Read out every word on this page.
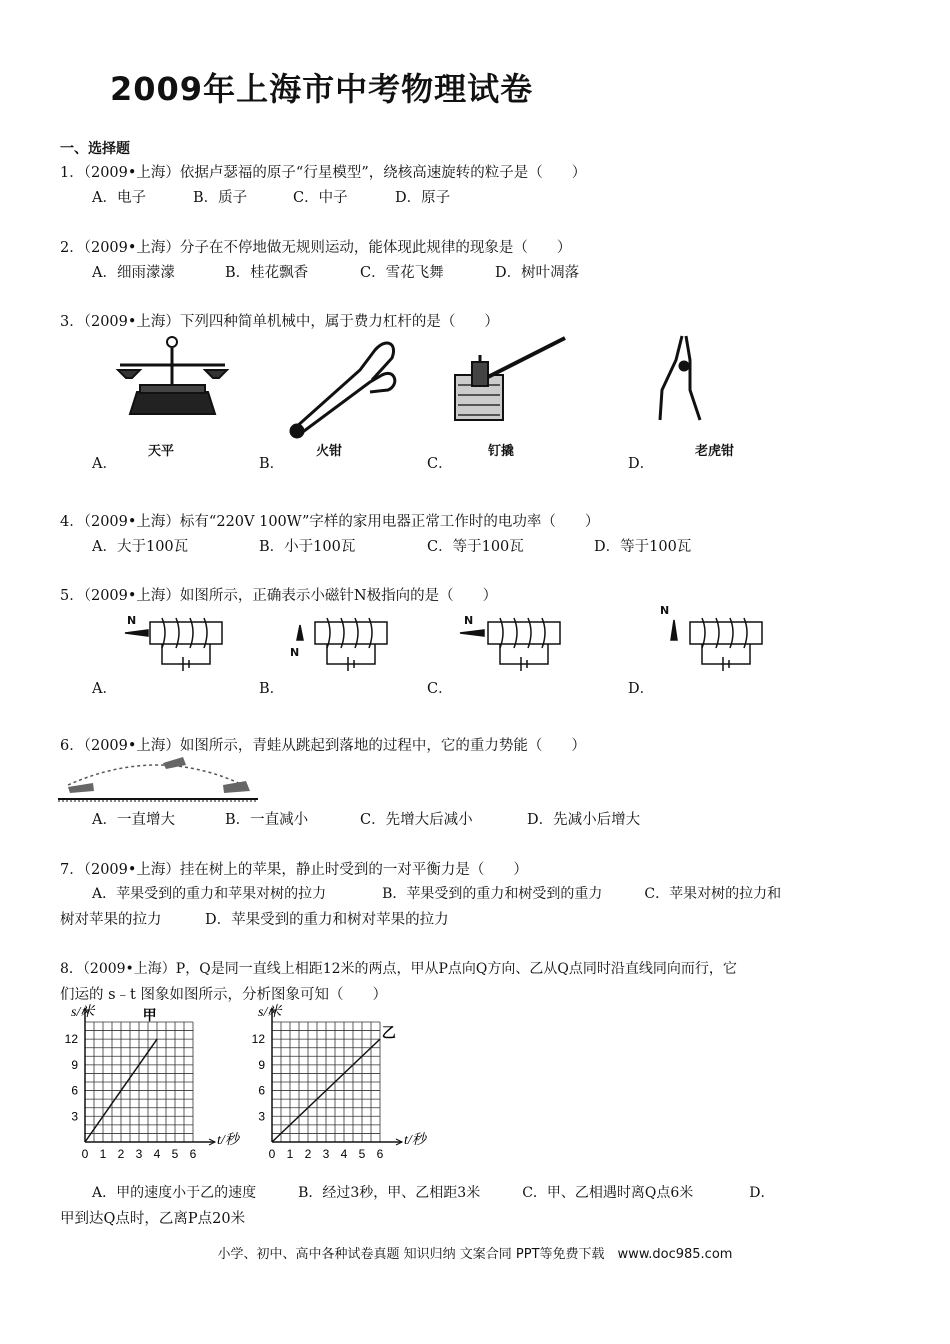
2009年上海市中考物理试卷
一、选择题
1．（2009•上海）依据卢瑟福的原子“行星模型”，绕核高速旋转的粒子是（　　）
A．电子	B．质子	C．中子	D．原子
2．（2009•上海）分子在不停地做无规则运动，能体现此规律的现象是（　　）
A．细雨濛濛	B．桂花飘香	C．雪花飞舞	D．树叶凋落
3．（2009•上海）下列四种简单机械中，属于费力杠杆的是（　　）
天平	火钳	钉撬	老虎钳
A．	B．	C．	D．
4．（2009•上海）标有“220V 100W”字样的家用电器正常工作时的电功率（　　）
A．大于100瓦	B．小于100瓦	C．等于100瓦	D．等于100瓦
5．（2009•上海）如图所示，正确表示小磁针N极指向的是（　　）
N
N
N
N
A．	B．	C．	D．
6．（2009•上海）如图所示，青蛙从跳起到落地的过程中，它的重力势能（　　）
A．一直增大	B．一直减小	C．先增大后减小	D．先减小后增大
7．（2009•上海）挂在树上的苹果，静止时受到的一对平衡力是（　　）
A．苹果受到的重力和苹果对树的拉力　　　　B．苹果受到的重力和树受到的重力　　　C．苹果对树的拉力和
树对苹果的拉力　　　D．苹果受到的重力和树对苹果的拉力
8．（2009•上海）P，Q是同一直线上相距12米的两点，甲从P点向Q方向、乙从Q点同时沿直线同向而行，它
们运的 s﹣t 图象如图所示，分析图象可知（　　）
0 1 2 3 4 5 6
3
6
9
12
s/米
t/秒
甲
0 1 2 3 4 5 6
3
6
9
12
s/米
t/秒
乙
A．甲的速度小于乙的速度　　　B．经过3秒，甲、乙相距3米　　　C．甲、乙相遇时离Q点6米　　　　D．
甲到达Q点时，乙离P点20米
小学、初中、高中各种试卷真题 知识归纳 文案合同 PPT等免费下载　www.doc985.com
